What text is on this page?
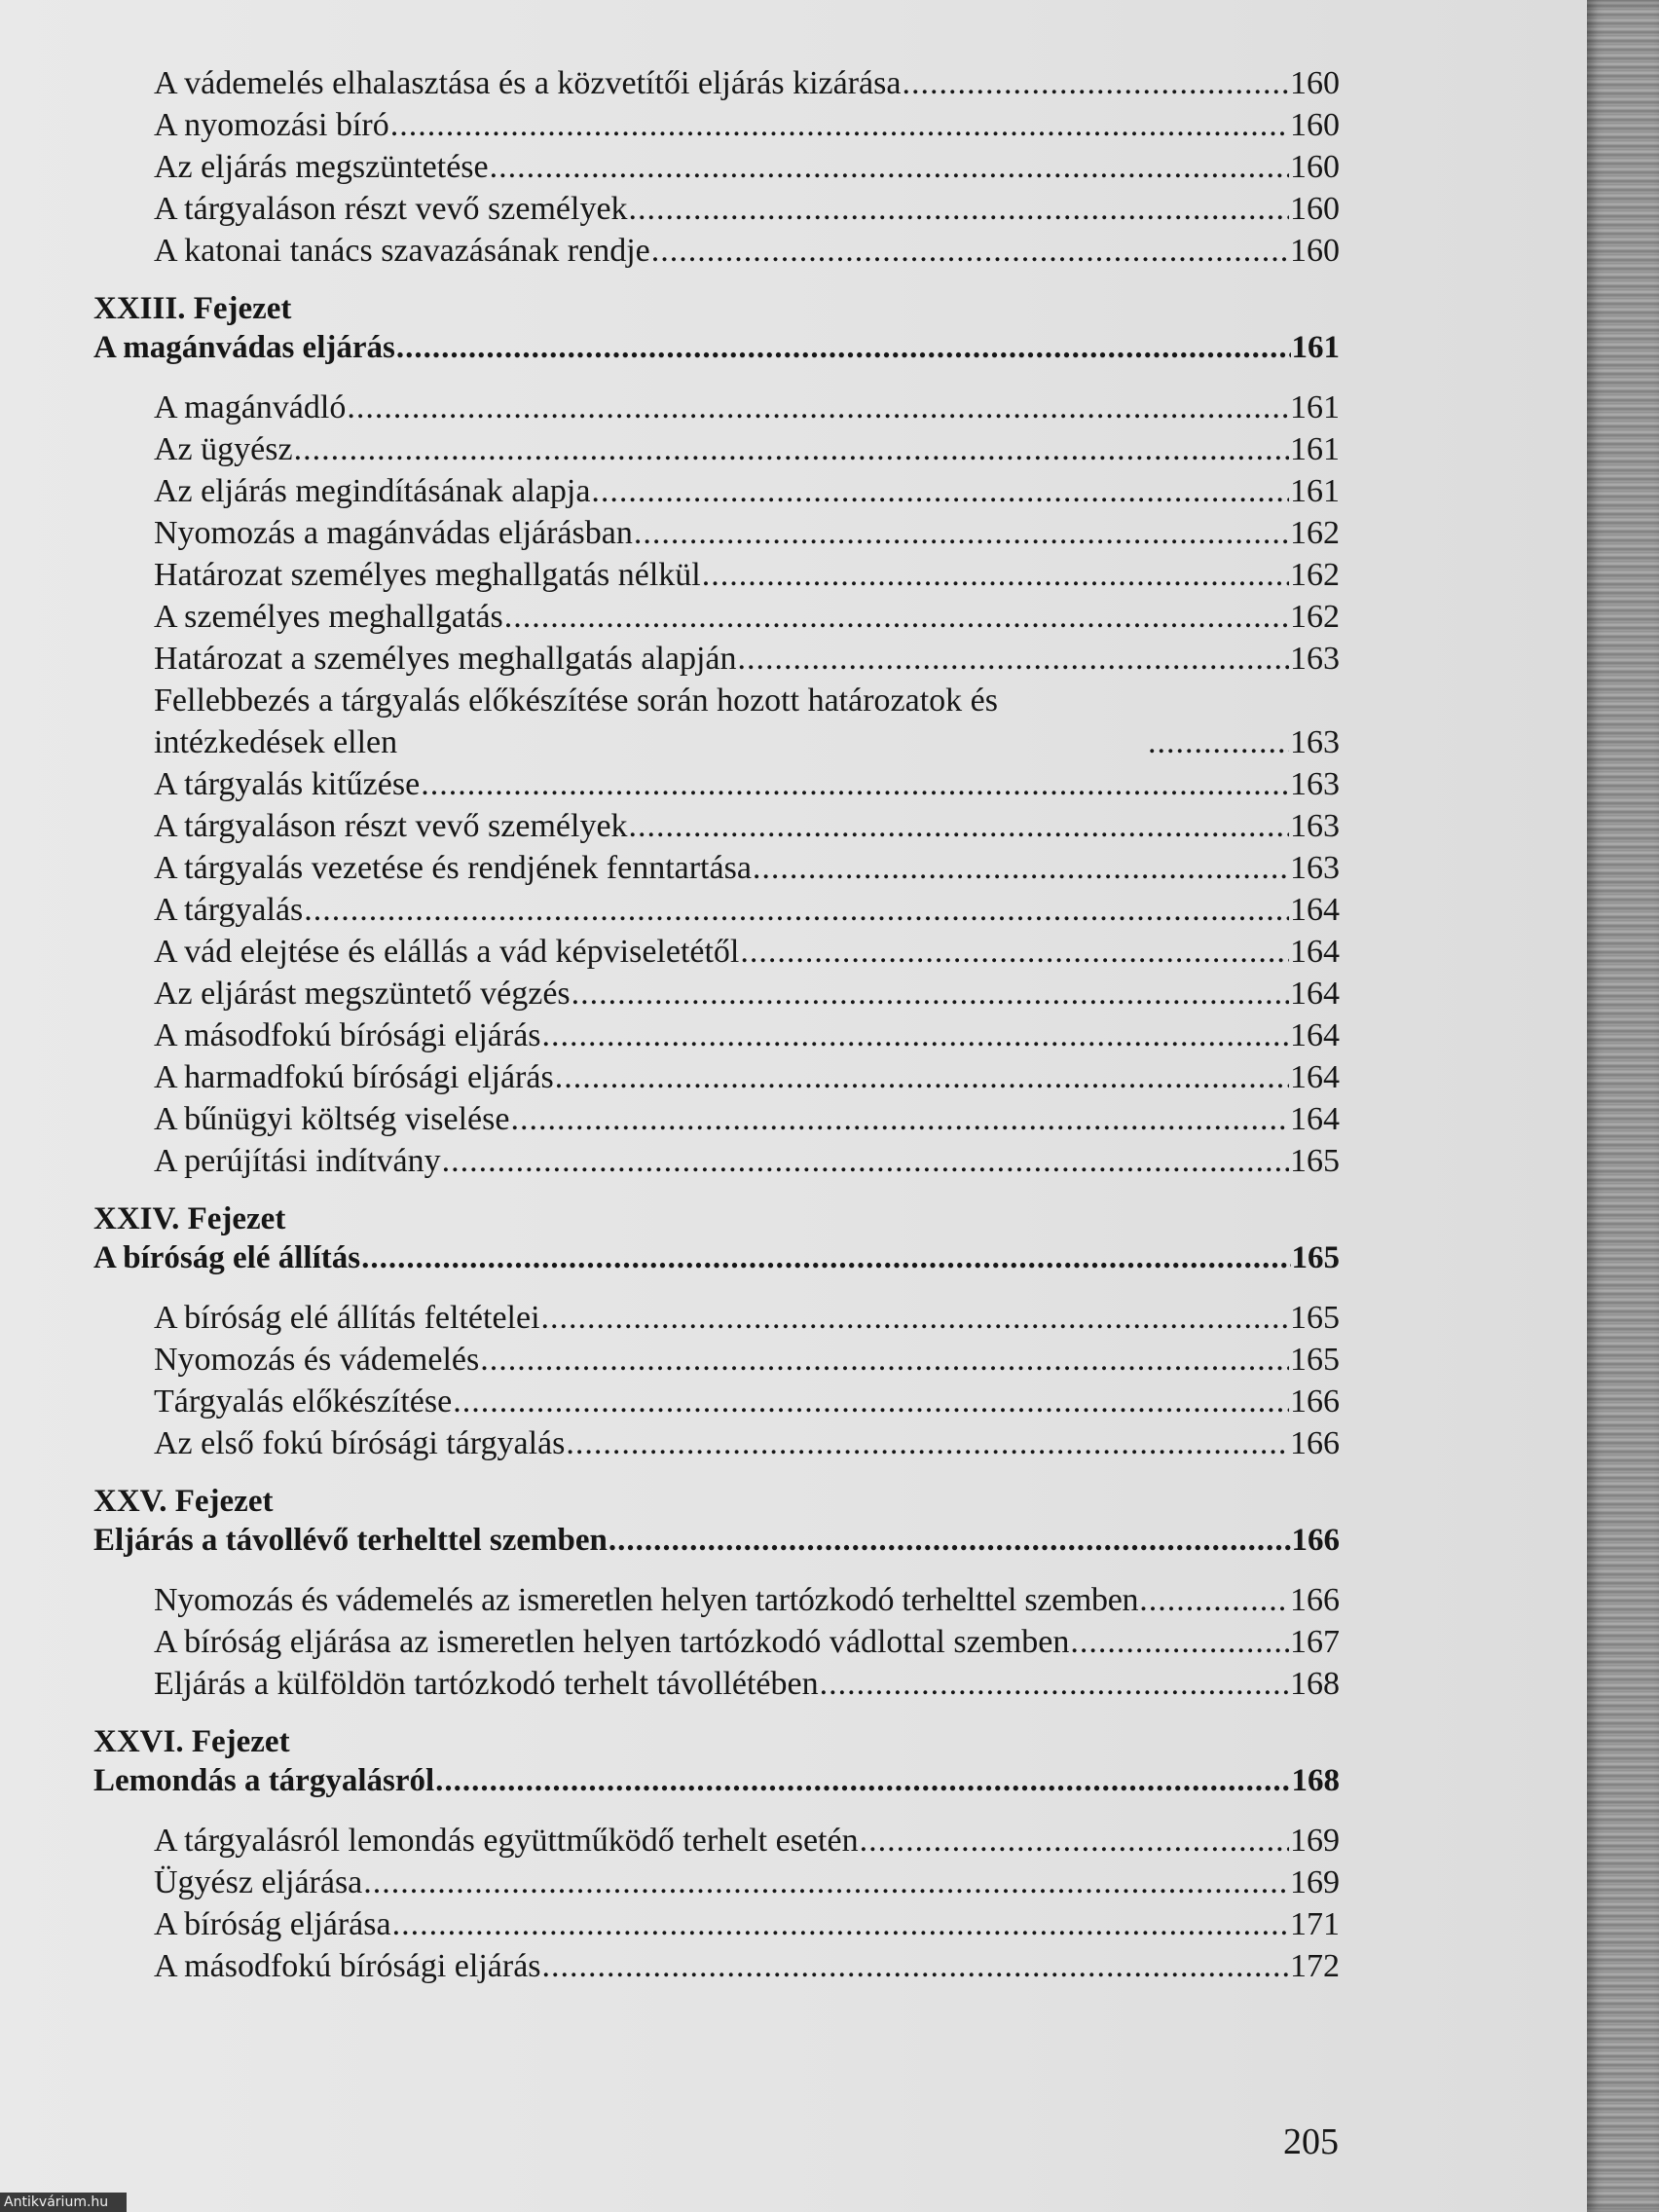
A vádemelés elhalasztása és a közvetítői eljárás kizárása .....	160
A nyomozási bíró .....	160
Az eljárás megszüntetése .....	160
A tárgyaláson részt vevő személyek .....	160
A katonai tanács szavazásának rendje .....	160
XXIII. Fejezet
A magánvádas eljárás .....	161
A magánvádló .....	161
Az ügyész .....	161
Az eljárás megindításának alapja .....	161
Nyomozás a magánvádas eljárásban .....	162
Határozat személyes meghallgatás nélkül .....	162
A személyes meghallgatás .....	162
Határozat a személyes meghallgatás alapján .....	163
Fellebbezés a tárgyalás előkészítése során hozott határozatok és intézkedések ellen .....	163
A tárgyalás kitűzése .....	163
A tárgyaláson részt vevő személyek .....	163
A tárgyalás vezetése és rendjének fenntartása .....	163
A tárgyalás .....	164
A vád elejtése és elállás a vád képviseletétől .....	164
Az eljárást megszüntető végzés .....	164
A másodfokú bírósági eljárás .....	164
A harmadfokú bírósági eljárás .....	164
A bűnügyi költség viselése .....	164
A perújítási indítvány .....	165
XXIV. Fejezet
A bíróság elé állítás .....	165
A bíróság elé állítás feltételei .....	165
Nyomozás és vádemelés .....	165
Tárgyalás előkészítése .....	166
Az első fokú bírósági tárgyalás .....	166
XXV. Fejezet
Eljárás a távollévő terhelttel szemben .....	166
Nyomozás és vádemelés az ismeretlen helyen tartózkodó terhelttel szemben .....	166
A bíróság eljárása az ismeretlen helyen tartózkodó vádlottal szemben .....	167
Eljárás a külföldön tartózkodó terhelt távollétében .....	168
XXVI. Fejezet
Lemondás a tárgyalásról .....	168
A tárgyalásról lemondás együttműködő terhelt esetén .....	169
Ügyész eljárása .....	169
A bíróság eljárása .....	171
A másodfokú bírósági eljárás .....	172
205
Antikvárium.hu
